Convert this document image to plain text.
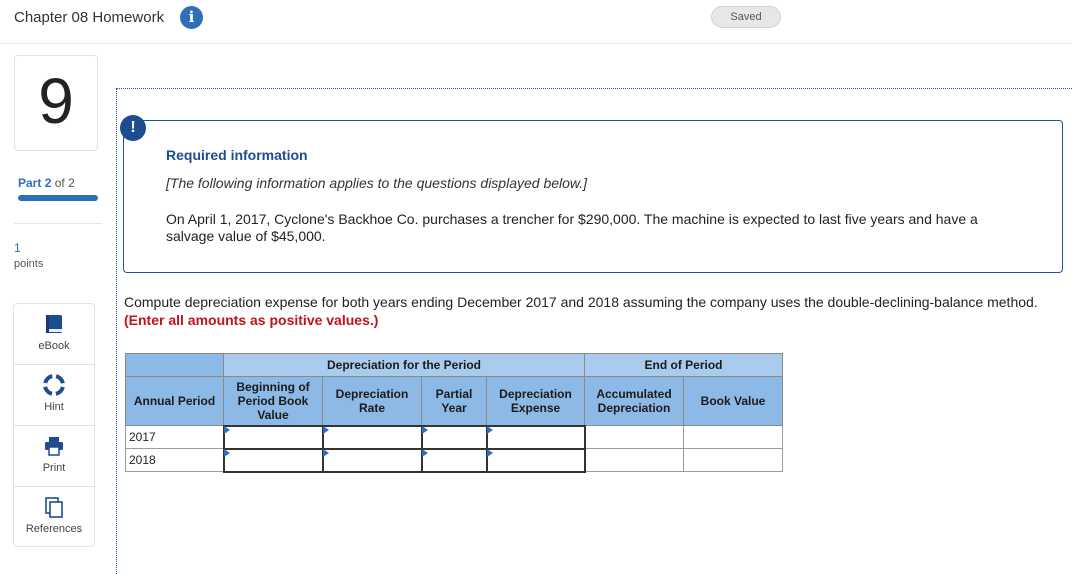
Chapter 08 Homework	i	Saved
9
Part 2 of 2
1
points
eBook
Hint
Print
References
!
Required information
[The following information applies to the questions displayed below.]
On April 1, 2017, Cyclone's Backhoe Co. purchases a trencher for $290,000. The machine is expected to last five years and have a salvage value of $45,000.
Compute depreciation expense for both years ending December 2017 and 2018 assuming the company uses the double-declining-balance method. (Enter all amounts as positive values.)
	Depreciation for the Period				End of Period	
Annual Period	Beginning of Period Book Value	Depreciation Rate	Partial Year	Depreciation Expense	Accumulated Depreciation	Book Value
2017	

2018	
